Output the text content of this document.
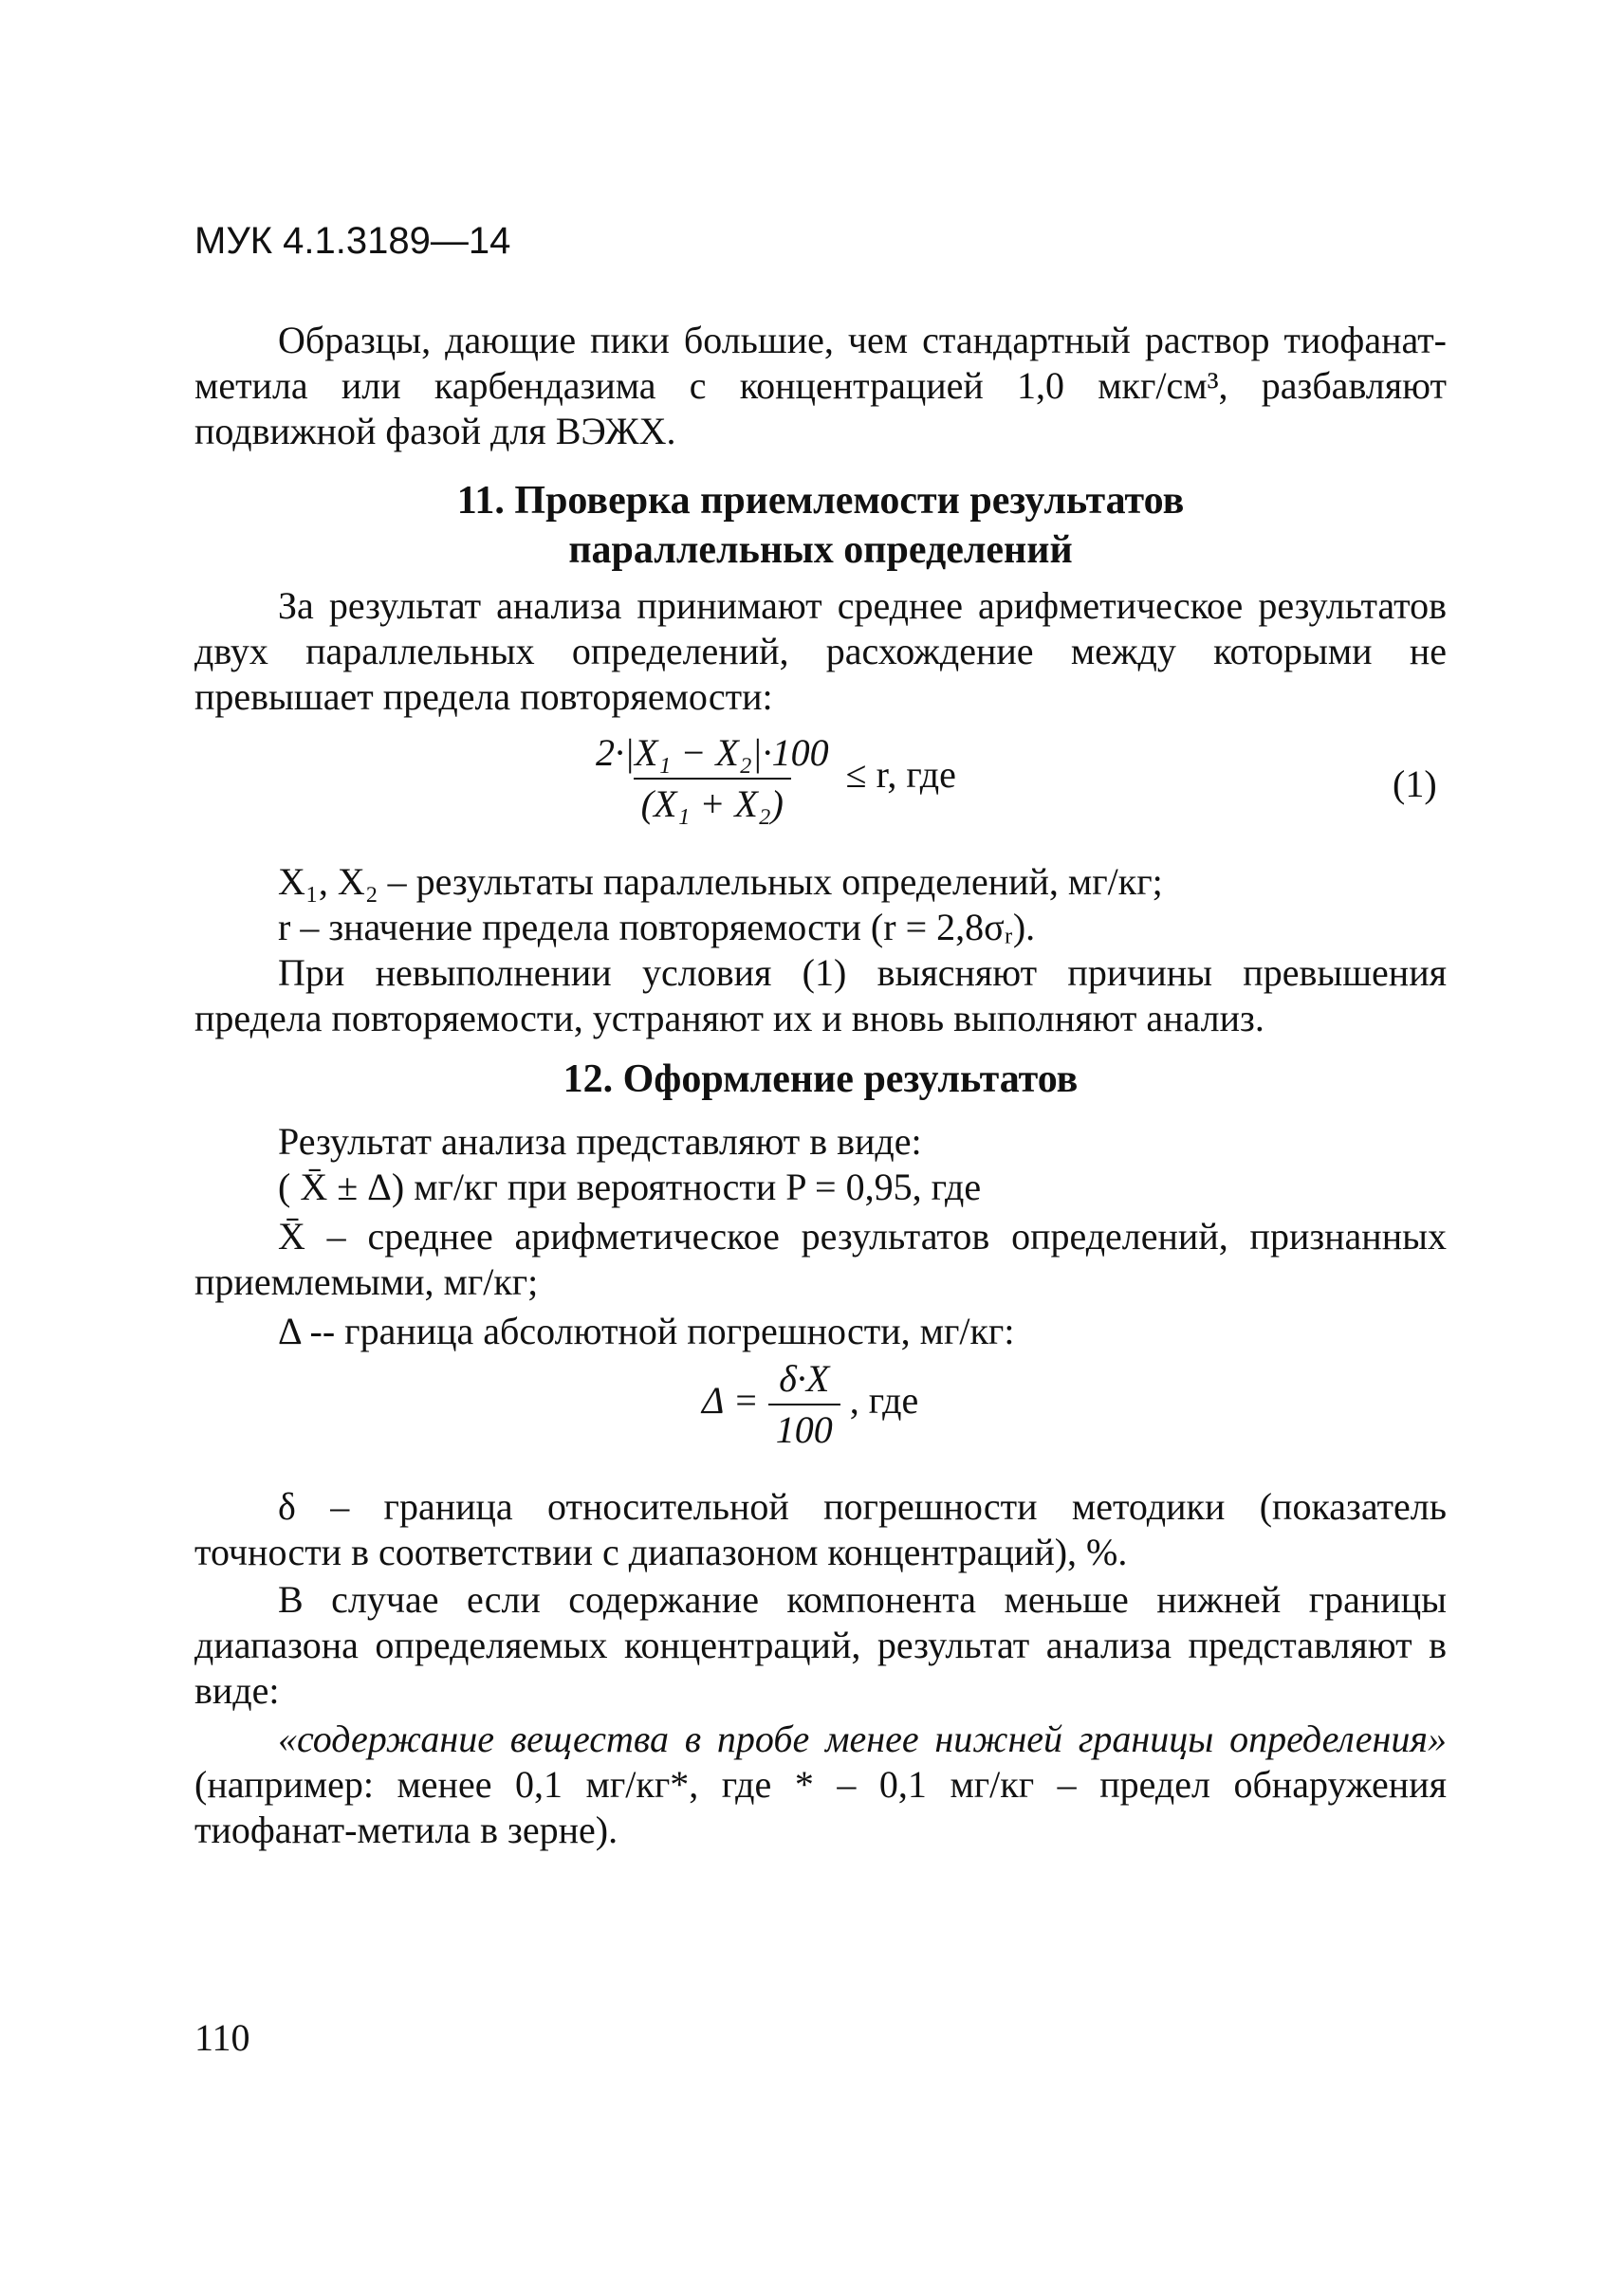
МУК 4.1.3189—14

Образцы, дающие пики большие, чем стандартный раствор тиофанат-метила или карбендазима с концентрацией 1,0 мкг/см³, разбавляют подвижной фазой для ВЭЖХ.

11. Проверка приемлемости результатов
параллельных определений

За результат анализа принимают среднее арифметическое результатов двух параллельных определений, расхождение между которыми не превышает предела повторяемости:

$\frac{\text{2·|X₁ − X₂|·100}}{\text{(X₁ + X₂)}} \le r$, где	(1)
X₁, X₂ – результаты параллельных определений, мг/кг;
r – значение предела повторяемости (r = 2,8σᵣ).

При невыполнении условия (1) выясняют причины превышения предела повторяемости, устраняют их и вновь выполняют анализ.

12. Оформление результатов
Результат анализа представляют в виде:
( X̄ ± Δ) мг/кг при вероятности P = 0,95, где

X̄ – среднее арифметическое результатов определений, признанных приемлемыми, мг/кг;

Δ -- граница абсолютной погрешности, мг/кг:
$\Delta = \frac{\delta\cdot X}{100}$ , где

δ – граница относительной погрешности методики (показатель точности в соответствии с диапазоном концентраций), %.

В случае если содержание компонента меньше нижней границы диапазона определяемых концентраций, результат анализа представляют в виде:

«содержание вещества в пробе менее нижней границы определения» (например: менее 0,1 мг/кг*, где * – 0,1 мг/кг – предел обнаружения тиофанат-метила в зерне).

110
